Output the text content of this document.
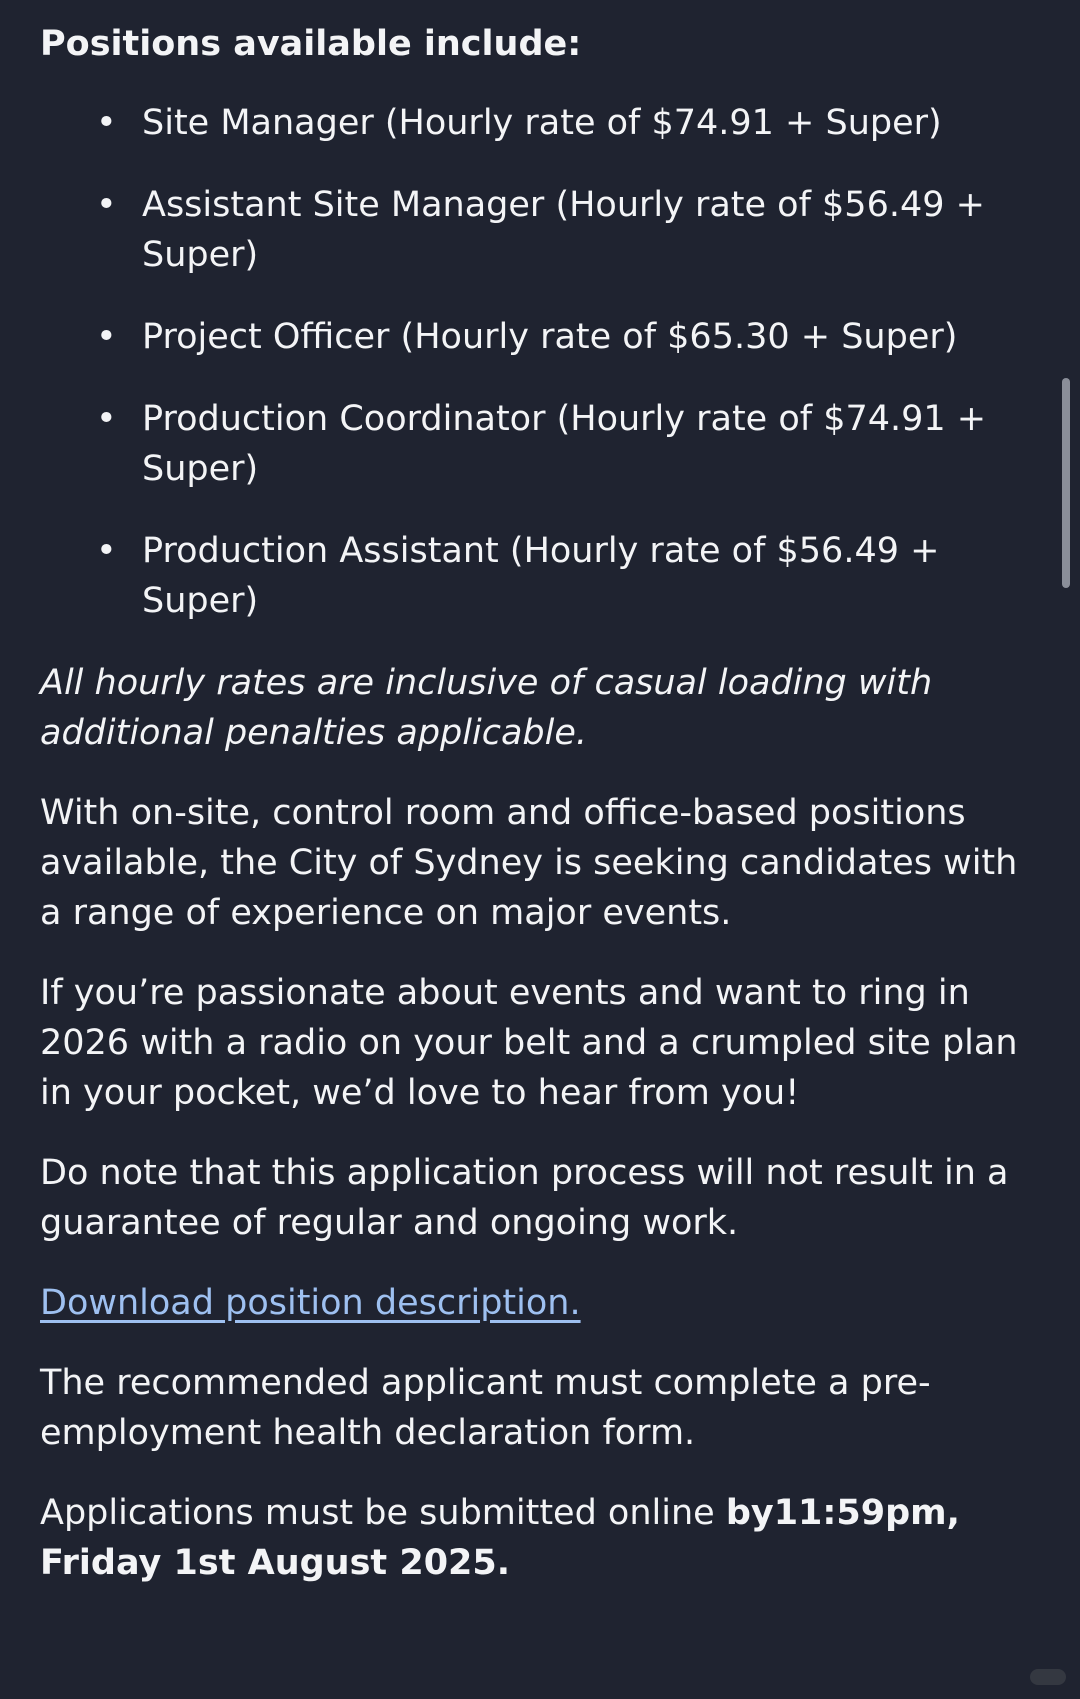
Positions available include:
• Site Manager (Hourly rate of $74.91 + Super)
• Assistant Site Manager (Hourly rate of $56.49 + Super)
• Project Officer (Hourly rate of $65.30 + Super)
• Production Coordinator (Hourly rate of $74.91 + Super)
• Production Assistant (Hourly rate of $56.49 + Super)
All hourly rates are inclusive of casual loading with additional penalties applicable.
With on-site, control room and office-based positions available, the City of Sydney is seeking candidates with a range of experience on major events.
If you’re passionate about events and want to ring in 2026 with a radio on your belt and a crumpled site plan in your pocket, we’d love to hear from you!
Do note that this application process will not result in a guarantee of regular and ongoing work.
Download position description.
The recommended applicant must complete a pre-employment health declaration form.
Applications must be submitted online by11:59pm, Friday 1st August 2025.
